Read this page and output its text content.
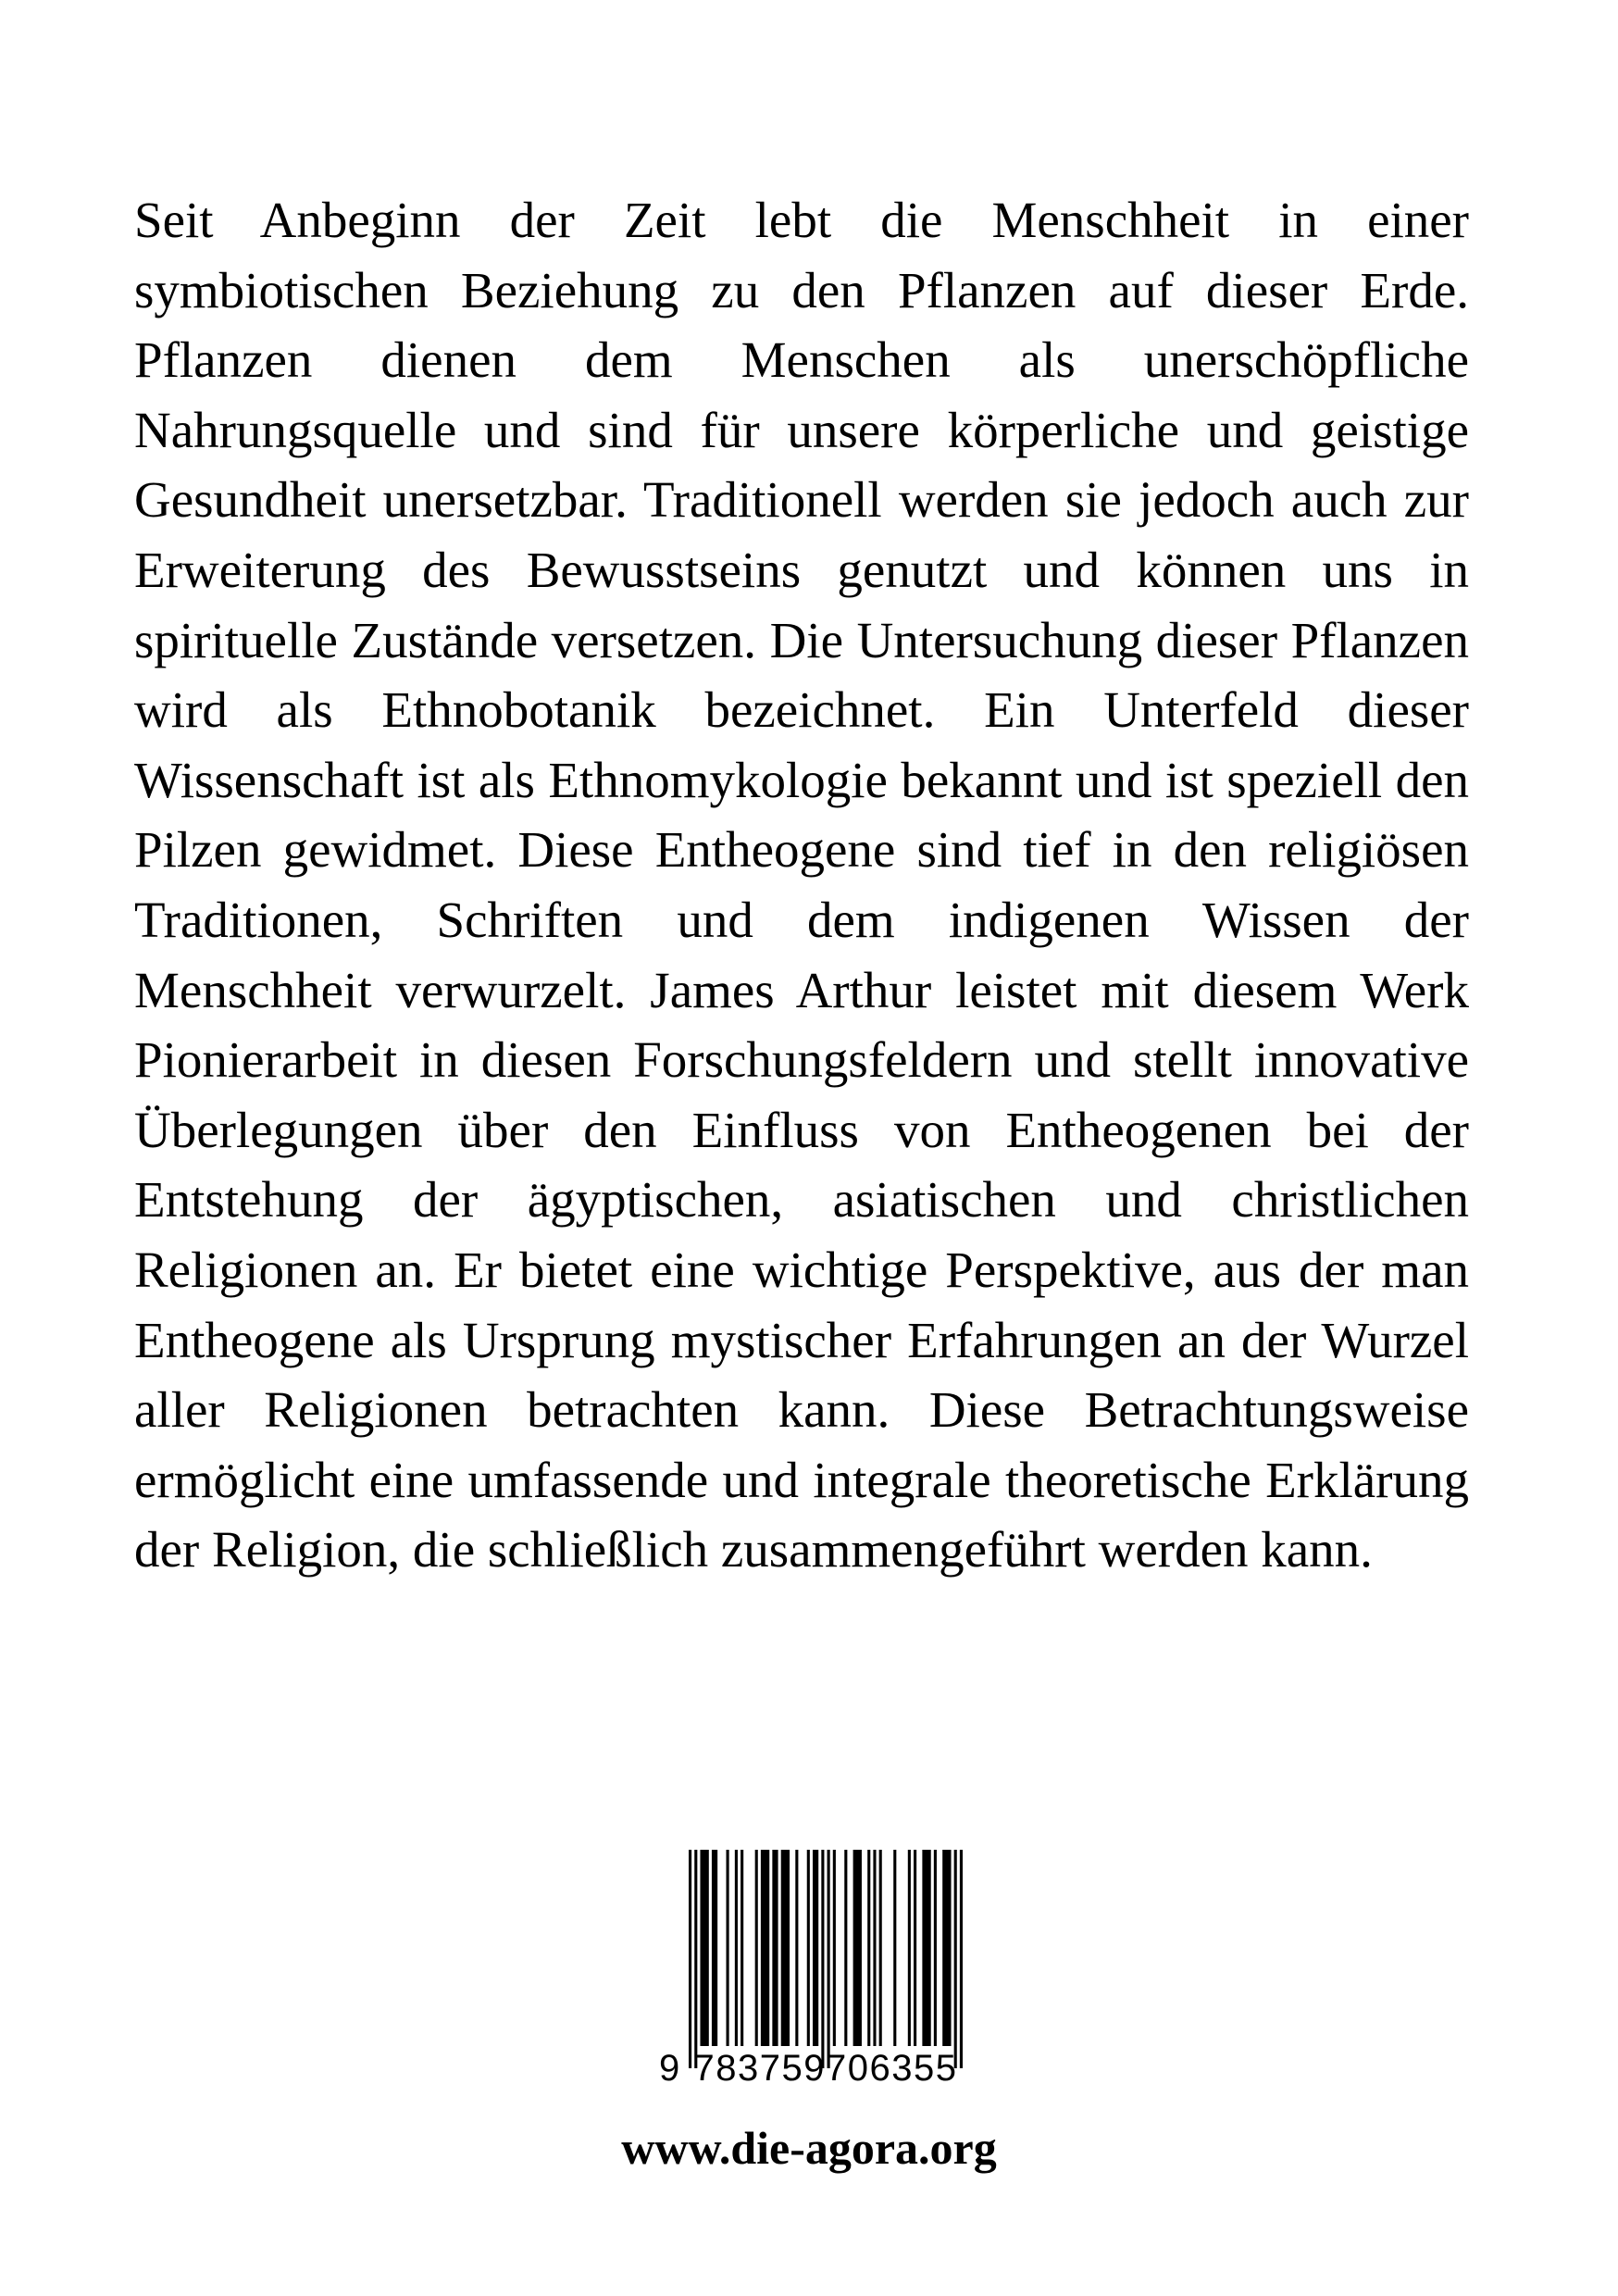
Seit Anbeginn der Zeit lebt die Menschheit in einer symbiotischen Beziehung zu den Pflanzen auf dieser Erde. Pflanzen dienen dem Menschen als unerschöpfliche Nahrungsquelle und sind für unsere körperliche und geistige Gesundheit unersetzbar. Traditionell werden sie jedoch auch zur Erweiterung des Bewusstseins genutzt und können uns in spirituelle Zustände versetzen. Die Untersuchung dieser Pflanzen wird als Ethnobotanik bezeichnet. Ein Unterfeld dieser Wissenschaft ist als Ethnomykologie bekannt und ist speziell den Pilzen gewidmet. Diese Entheogene sind tief in den religiösen Traditionen, Schriften und dem indigenen Wissen der Menschheit verwurzelt. James Arthur leistet mit diesem Werk Pionierarbeit in diesen Forschungsfeldern und stellt innovative Überlegungen über den Einfluss von Entheogenen bei der Entstehung der ägyptischen, asiatischen und christlichen Religionen an. Er bietet eine wichtige Perspektive, aus der man Entheogene als Ursprung mystischer Erfahrungen an der Wurzel aller Religionen betrachten kann. Diese Betrachtungsweise ermöglicht eine umfassende und integrale theoretische Erklärung der Religion, die schließlich zusammengeführt werden kann.

9 783759706355
www.die-agora.org
